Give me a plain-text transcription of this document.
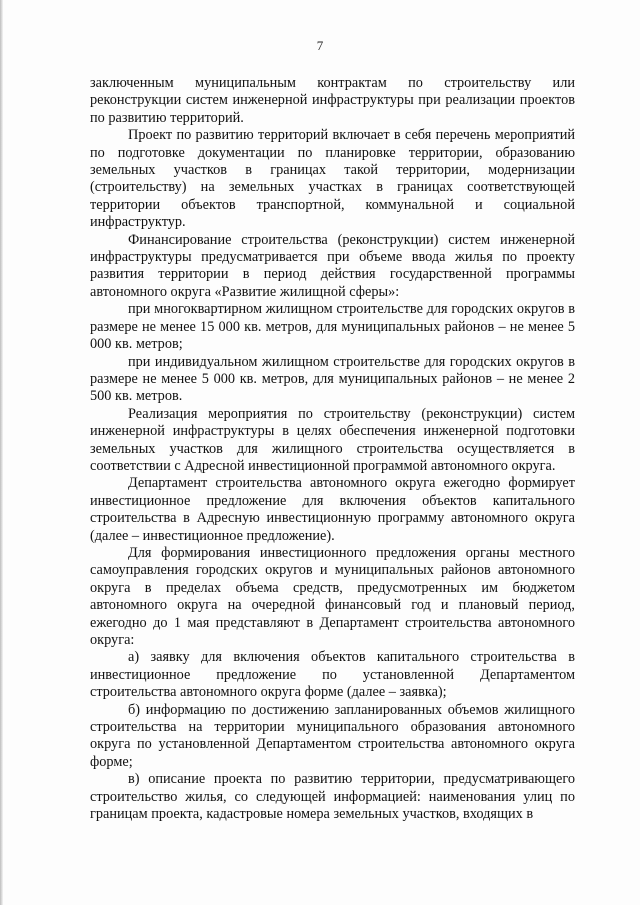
7

заключенным муниципальным контрактам по строительству или реконструкции систем инженерной инфраструктуры при реализации проектов по развитию территорий.

Проект по развитию территорий включает в себя перечень мероприятий по подготовке документации по планировке территории, образованию земельных участков в границах такой территории, модернизации (строительству) на земельных участках в границах соответствующей территории объектов транспортной, коммунальной и социальной инфраструктур.

Финансирование строительства (реконструкции) систем инженерной инфраструктуры предусматривается при объеме ввода жилья по проекту развития территории в период действия государственной программы автономного округа «Развитие жилищной сферы»:

при многоквартирном жилищном строительстве для городских округов в размере не менее 15 000 кв. метров, для муниципальных районов – не менее 5 000 кв. метров;

при индивидуальном жилищном строительстве для городских округов в размере не менее 5 000 кв. метров, для муниципальных районов – не менее 2 500 кв. метров.

Реализация мероприятия по строительству (реконструкции) систем инженерной инфраструктуры в целях обеспечения инженерной подготовки земельных участков для жилищного строительства осуществляется в соответствии с Адресной инвестиционной программой автономного округа.

Департамент строительства автономного округа ежегодно формирует инвестиционное предложение для включения объектов капитального строительства в Адресную инвестиционную программу автономного округа (далее – инвестиционное предложение).

Для формирования инвестиционного предложения органы местного самоуправления городских округов и муниципальных районов автономного округа в пределах объема средств, предусмотренных им бюджетом автономного округа на очередной финансовый год и плановый период, ежегодно до 1 мая представляют в Департамент строительства автономного округа:

а) заявку для включения объектов капитального строительства в инвестиционное предложение по установленной Департаментом строительства автономного округа форме (далее – заявка);

б) информацию по достижению запланированных объемов жилищного строительства на территории муниципального образования автономного округа по установленной Департаментом строительства автономного округа форме;

в) описание проекта по развитию территории, предусматривающего строительство жилья, со следующей информацией: наименования улиц по границам проекта, кадастровые номера земельных участков, входящих в
